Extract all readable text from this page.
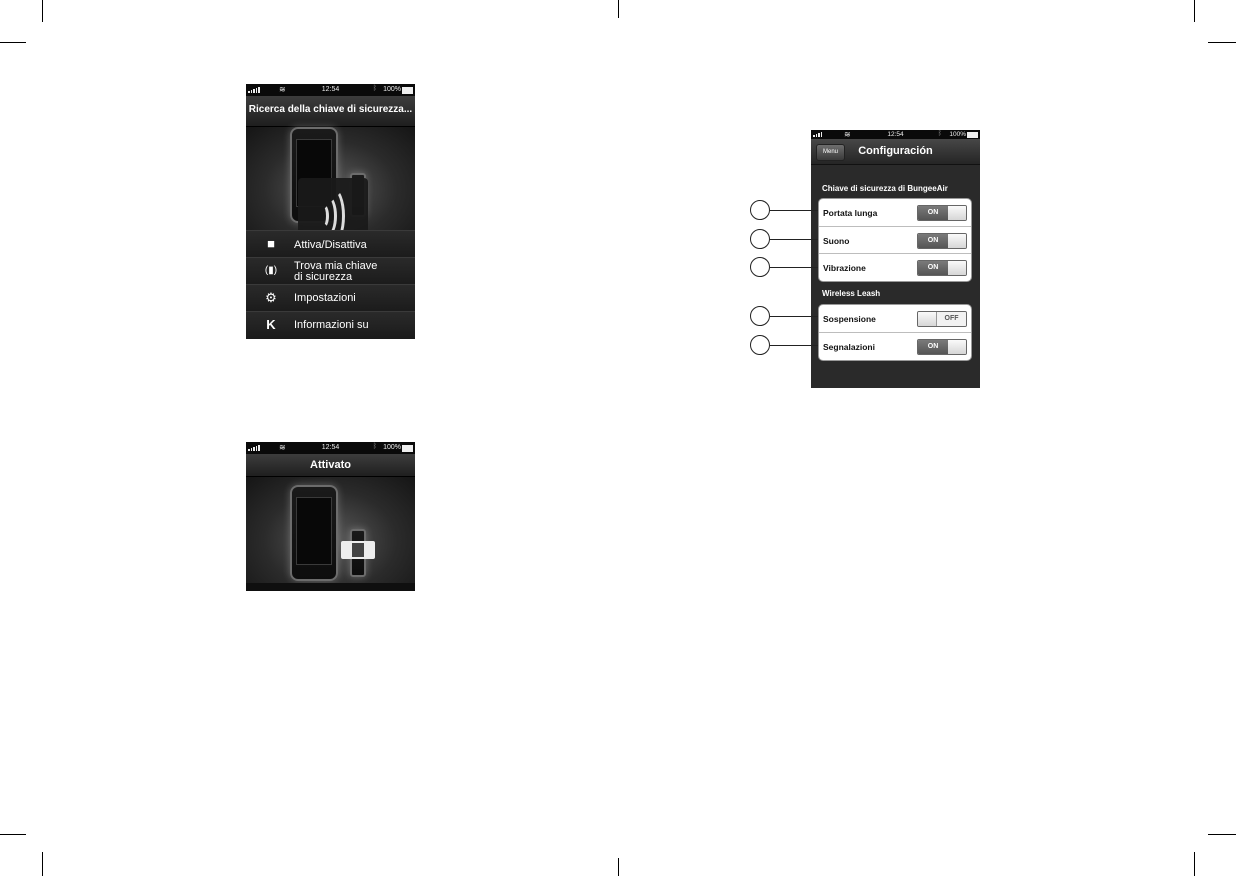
≋	12:54	ᛒ 100%
Ricerca della chiave di sicurezza...
■	Attiva/Disattiva
(▮) Trova mia chiave
di sicurezza
⚙ Impostazioni
K	Informazioni su
≋	12:54	ᛒ 100%
Attivato
≋	12:54	ᛒ 100%
Menu	Configuración
Chiave di sicurezza di BungeeAir
Portata lunga	ON
Suono	ON
Vibrazione	ON
Wireless Leash
Sospensione	OFF
Segnalazioni	ON
